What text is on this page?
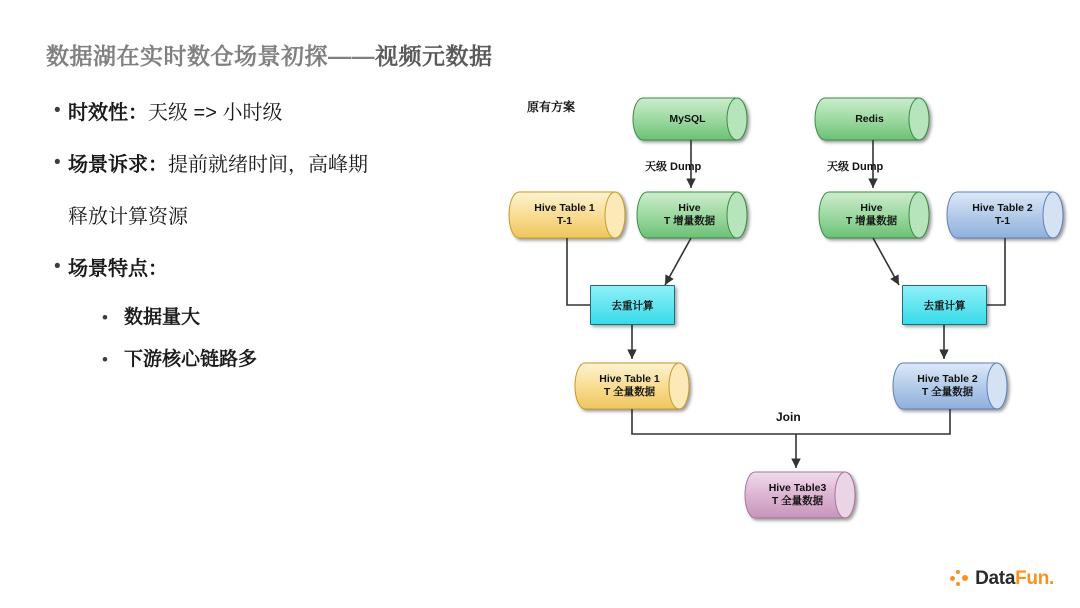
数据湖在实时数仓场景初探——视频元数据
• 时效性：天级 => 小时级
• 场景诉求：提前就绪时间，高峰期
释放计算资源
• 场景特点：
• 数据量大
• 下游核心链路多
MySQL	Redis
Hive Table 1
T-1
Hive
T 增量数据
Hive
T 增量数据
Hive Table 2
T-1
去重计算	去重计算
Hive Table 1
T 全量数据
Hive Table 2
T 全量数据
Hive Table3
T 全量数据
原有方案
天级 Dump	天级 Dump
Join
Data Fun.
